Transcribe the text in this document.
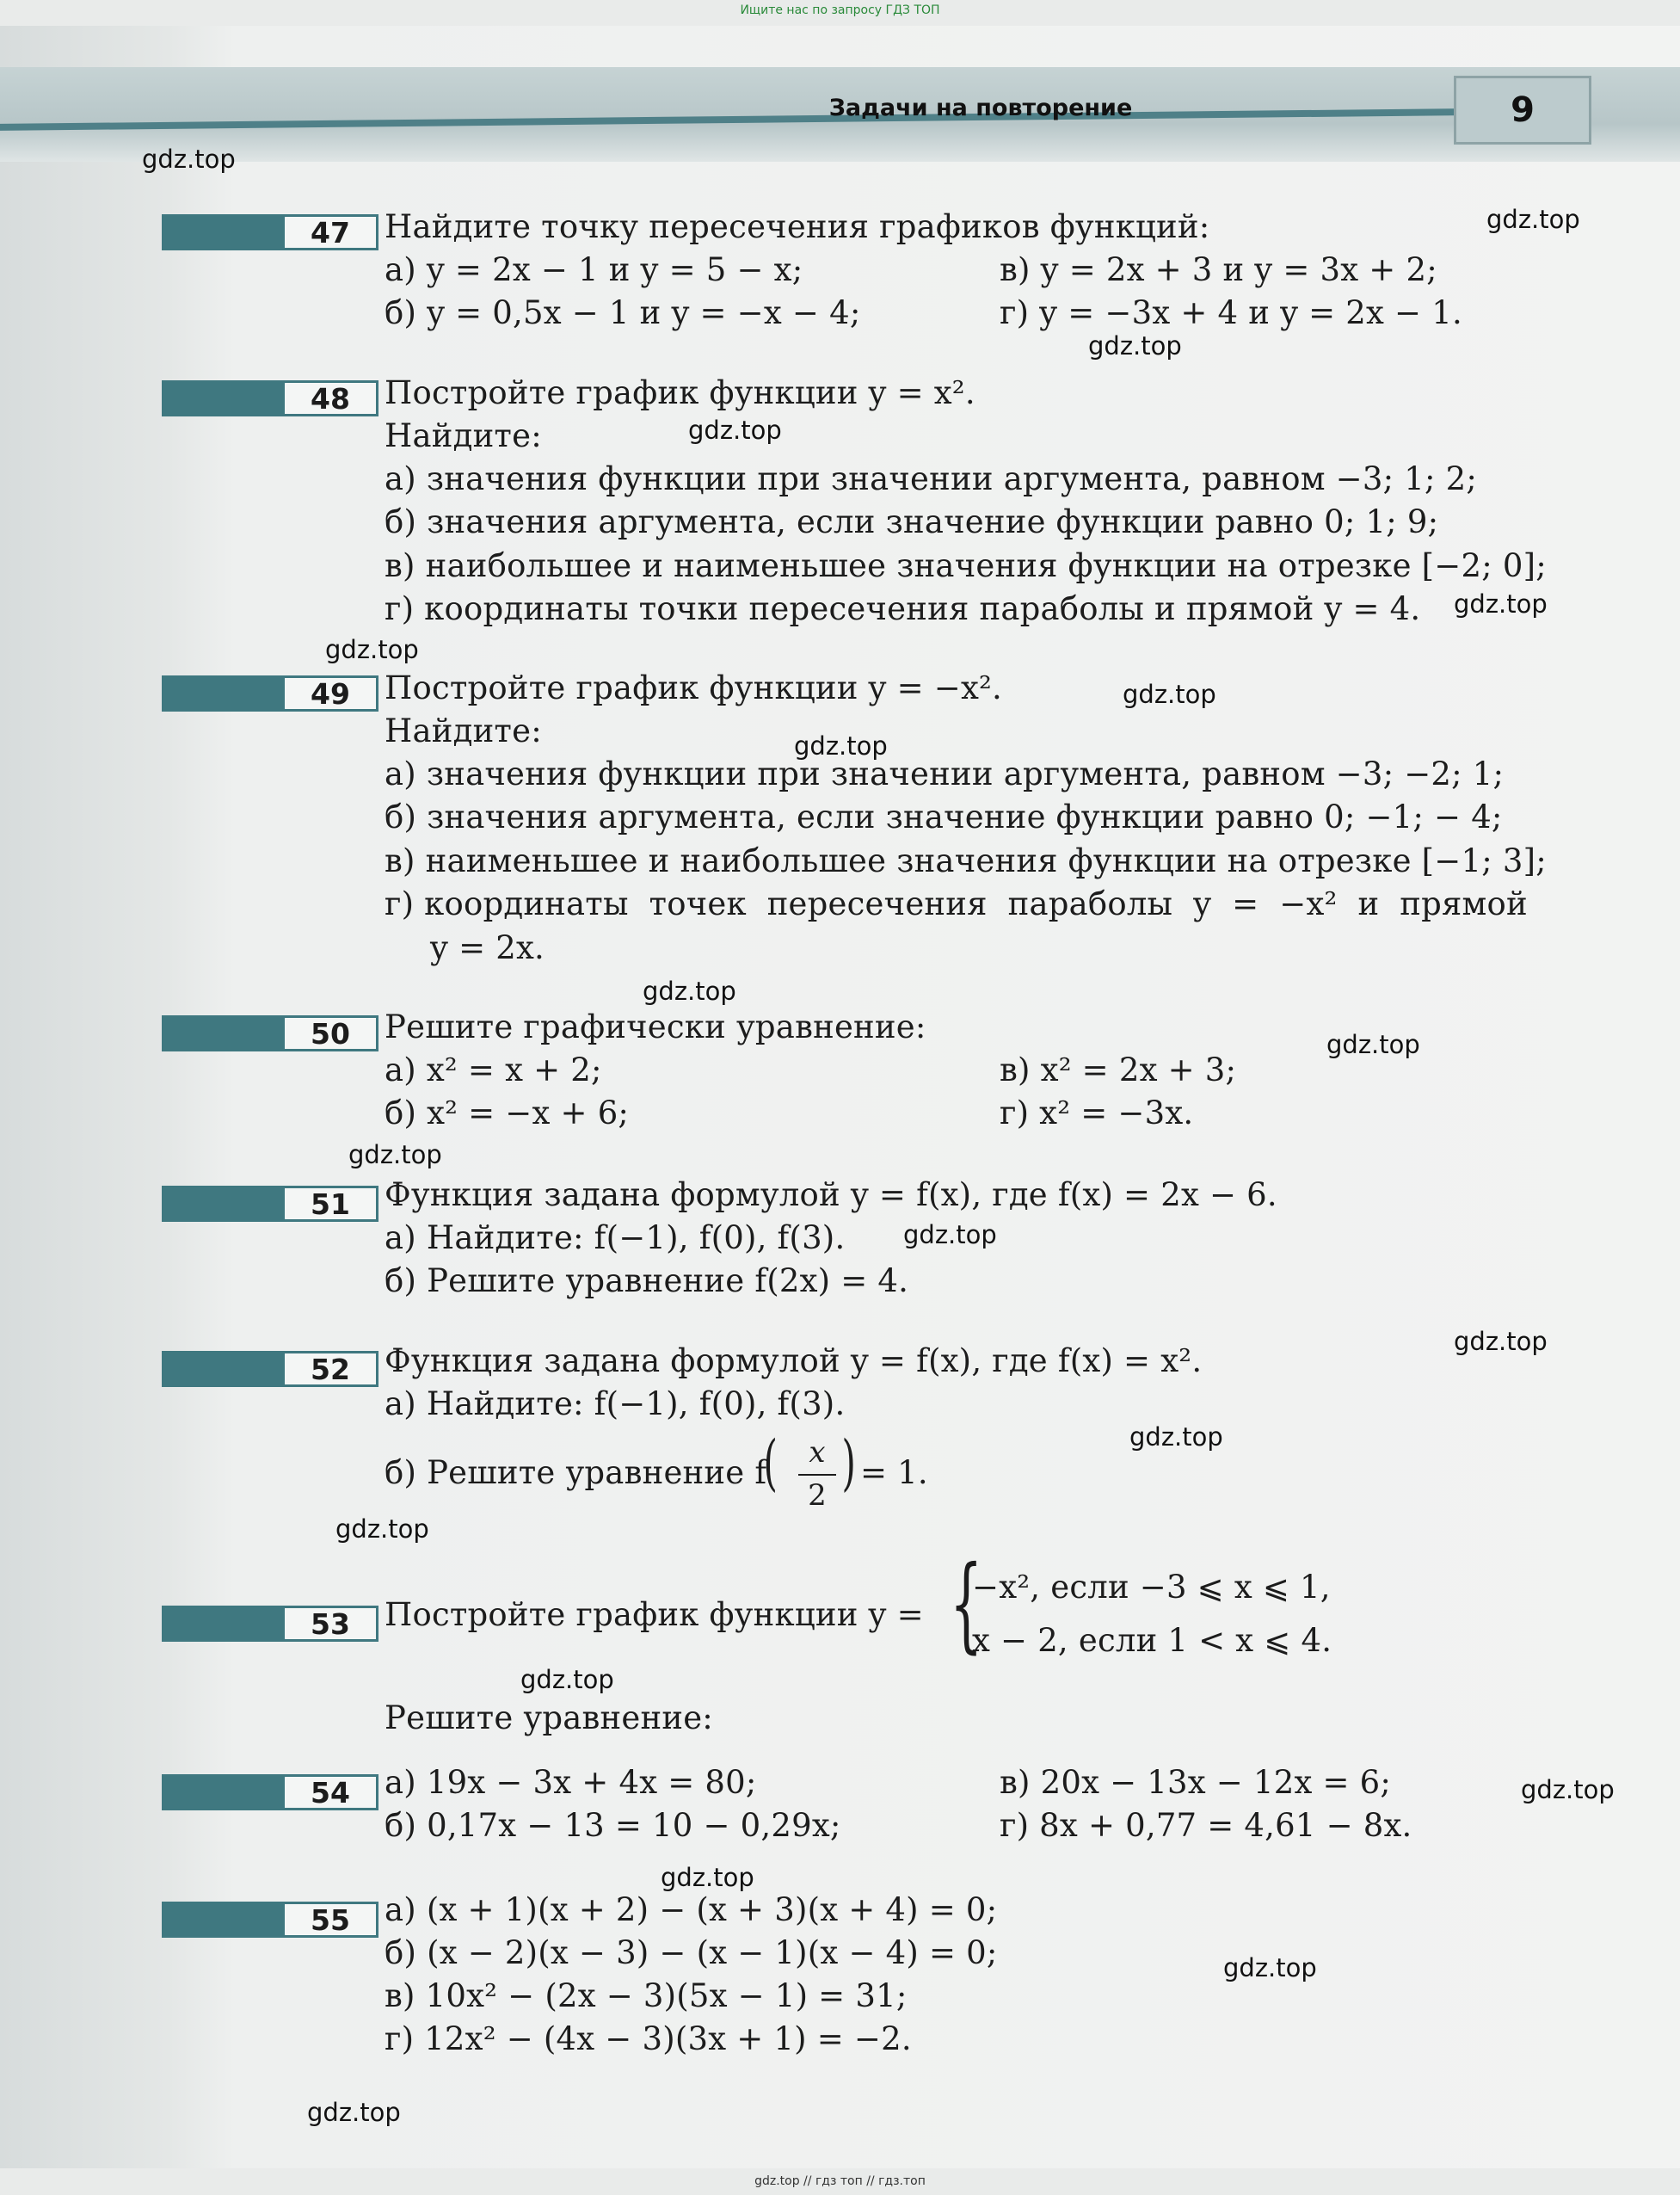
Ищите нас по запросу ГДЗ ТОП
Задачи на повторение	9
gdz.top
gdz.top
gdz.top
gdz.top
gdz.top
gdz.top
gdz.top
gdz.top
gdz.top
gdz.top
gdz.top
gdz.top
gdz.top
gdz.top
gdz.top
gdz.top
gdz.top
gdz.top
gdz.top
gdz.top
47	Найдите точку пересечения графиков функций:
а) y = 2x − 1 и y = 5 − x;	в) y = 2x + 3 и y = 3x + 2;
б) y = 0,5x − 1 и y = −x − 4;	г) y = −3x + 4 и y = 2x − 1.
48	Постройте график функции y = x².
Найдите:
а) значения функции при значении аргумента, равном −3; 1; 2;
б) значения аргумента, если значение функции равно 0; 1; 9;
в) наибольшее и наименьшее значения функции на отрезке [−2; 0];
г) координаты точки пересечения параболы и прямой y = 4.
49	Постройте график функции y = −x².
Найдите:
а) значения функции при значении аргумента, равном −3; −2; 1;
б) значения аргумента, если значение функции равно 0; −1; − 4;
в) наименьшее и наибольшее значения функции на отрезке [−1; 3];
г) координаты  точек  пересечения  параболы  y  =  −x²  и  прямой
y = 2x.
50	Решите графически уравнение:
а) x² = x + 2;	в) x² = 2x + 3;
б) x² = −x + 6;	г) x² = −3x.
51	Функция задана формулой y = f(x), где f(x) = 2x − 6.
а) Найдите: f(−1), f(0), f(3).
б) Решите уравнение f(2x) = 4.
52	Функция задана формулой y = f(x), где f(x) = x².
а) Найдите: f(−1), f(0), f(3).
б) Решите уравнение f
(	x
2 ) = 1.
53	Постройте график функции y = {
−x², если −3 ⩽ x ⩽ 1,
x − 2, если 1 < x ⩽ 4.
Решите уравнение:
54	а) 19x − 3x + 4x = 80;	в) 20x − 13x − 12x = 6;
б) 0,17x − 13 = 10 − 0,29x;	г) 8x + 0,77 = 4,61 − 8x.
55	а) (x + 1)(x + 2) − (x + 3)(x + 4) = 0;
б) (x − 2)(x − 3) − (x − 1)(x − 4) = 0;
в) 10x² − (2x − 3)(5x − 1) = 31;
г) 12x² − (4x − 3)(3x + 1) = −2.
gdz.top // гдз топ // гдз.топ
